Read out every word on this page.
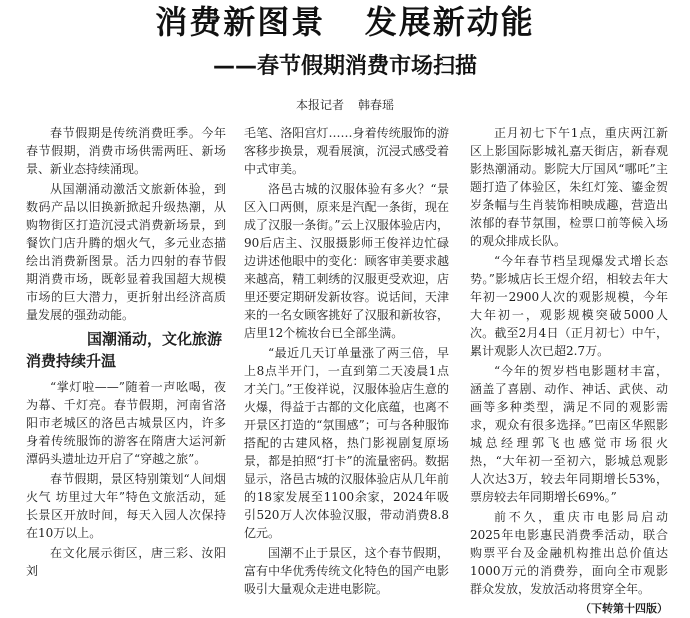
消费新图景   发展新动能
——春节假期消费市场扫描
本报记者 韩春瑶

春节假期是传统消费旺季。今年春节假期，消费市场供需两旺、新场景、新业态持续涌现。

从国潮涌动激活文旅新体验，到数码产品以旧换新掀起升级热潮，从购物街区打造沉浸式消费新场景，到餐饮门店升腾的烟火气，多元业态描绘出消费新图景。活力四射的春节假期消费市场，既彰显着我国超大规模市场的巨大潜力，更折射出经济高质量发展的强劲动能。

国潮涌动，文化旅游
消费持续升温

“掌灯啦——”随着一声吆喝，夜为幕、千灯亮。春节假期，河南省洛阳市老城区的洛邑古城景区内，许多身着传统服饰的游客在隋唐大运河新潭码头遗址边开启了“穿越之旅”。

春节假期，景区特别策划“人间烟火气 坊里过大年”特色文旅活动，延长景区开放时间，每天入园人次保持在10万以上。

在文化展示街区，唐三彩、汝阳刘

毛笔、洛阳宫灯……身着传统服饰的游客移步换景，观看展演，沉浸式感受着中式审美。

洛邑古城的汉服体验有多火？“景区入口两侧，原来是汽配一条街，现在成了汉服一条街。”云上汉服体验店内，90后店主、汉服摄影师王俊祥边忙碌边讲述他眼中的变化：顾客审美要求越来越高，精工刺绣的汉服更受欢迎，店里还要定期研发新妆容。说话间，天津来的一名女顾客挑好了汉服和新妆容，店里12个梳妆台已全部坐满。

“最近几天订单量涨了两三倍，早上8点半开门，一直到第二天凌晨1点才关门。”王俊祥说，汉服体验店生意的火爆，得益于古都的文化底蕴，也离不开景区打造的“氛围感”；可与各种服饰搭配的古建风格，热门影视剧复原场景，都是拍照“打卡”的流量密码。数据显示，洛邑古城的汉服体验店从几年前的18家发展至1100余家，2024年吸引520万人次体验汉服，带动消费8.8亿元。

国潮不止于景区，这个春节假期，富有中华优秀传统文化特色的国产电影吸引大量观众走进电影院。

正月初七下午1点，重庆两江新区上影国际影城礼嘉天街店，新春观影热潮涌动。影院大厅国风“哪吒”主题打造了体验区，朱红灯笼、鎏金贺岁条幅与生肖装饰相映成趣，营造出浓郁的春节氛围，检票口前等候入场的观众排成长队。

“今年春节档呈现爆发式增长态势。”影城店长王煜介绍，相较去年大年初一2900人次的观影规模，今年大年初一，观影规模突破5000人次。截至2月4日（正月初七）中午，累计观影人次已超2.7万。

“今年的贺岁档电影题材丰富，涵盖了喜剧、动作、神话、武侠、动画等多种类型，满足不同的观影需求，观众有很多选择。”巴南区华熙影城总经理郭飞也感觉市场很火热，“大年初一至初六，影城总观影人次达3万，较去年同期增长53%，票房较去年同期增长69%。”

前不久，重庆市电影局启动2025年电影惠民消费季活动，联合购票平台及金融机构推出总价值达1000万元的消费券，面向全市观影群众发放，发放活动将贯穿全年。

（下转第十四版）
